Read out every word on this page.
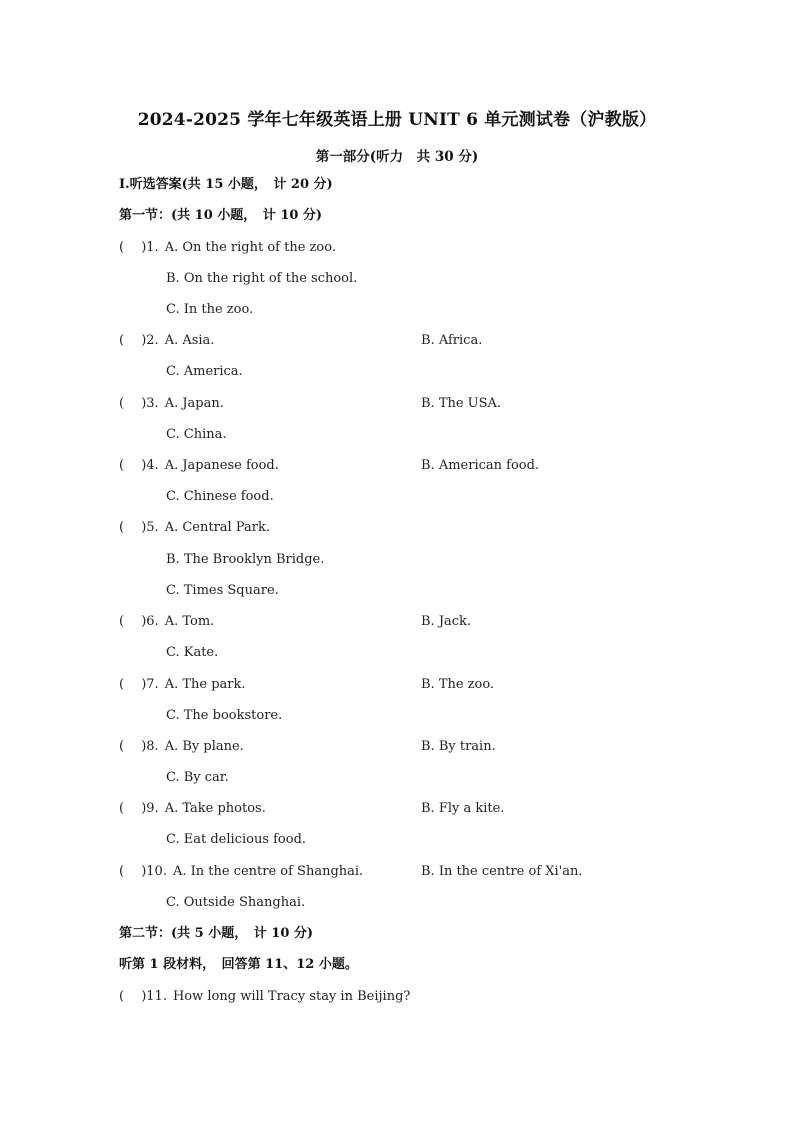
2024-2025 学年七年级英语上册 UNIT 6 单元测试卷（沪教版）
第一部分(听力　共 30 分)
Ⅰ.听选答案(共 15 小题，　计 20 分)
第一节：(共 10 小题，　计 10 分)
( 　)1. A. On the right of the zoo.
B. On the right of the school.
C. In the zoo.
( 　)2. A. Asia.	B. Africa.
C. America.
( 　)3. A. Japan.	B. The USA.
C. China.
( 　)4. A. Japanese food.	B. American food.
C. Chinese food.
( 　)5. A. Central Park.
B. The Brooklyn Bridge.
C. Times Square.
( 　)6. A. Tom.	B. Jack.
C. Kate.
( 　)7. A. The park.	B. The zoo.
C. The bookstore.
( 　)8. A. By plane.	B. By train.
C. By car.
( 　)9. A. Take photos.	B. Fly a kite.
C. Eat delicious food.
( 　)10. A. In the centre of Shanghai.	B. In the centre of Xi'an.
C. Outside Shanghai.
第二节：(共 5 小题，　计 10 分)
听第 1 段材料，　回答第 11、12 小题。
( 　)11. How long will Tracy stay in Beijing?
